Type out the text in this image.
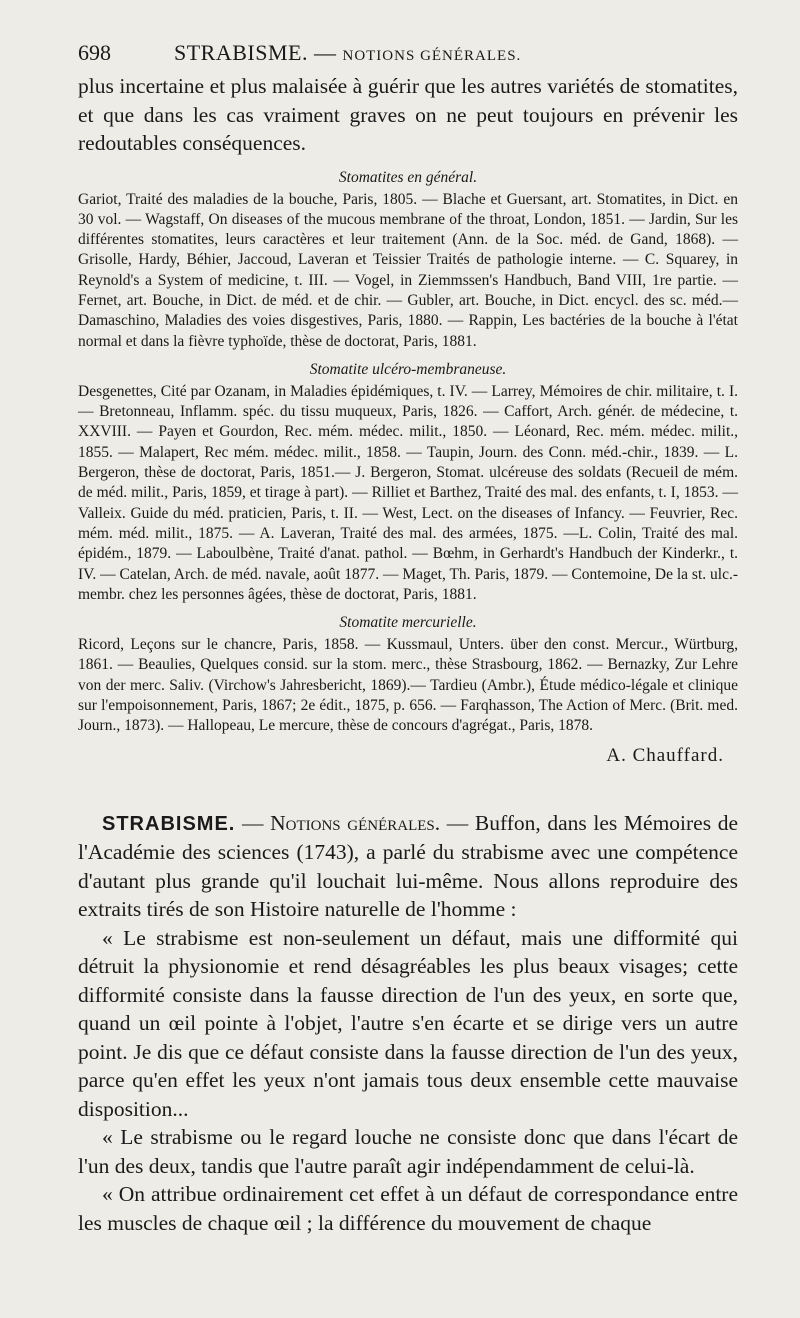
698	STRABISME. — NOTIONS GÉNÉRALES.

plus incertaine et plus malaisée à guérir que les autres variétés de stomatites, et que dans les cas vraiment graves on ne peut toujours en prévenir les redoutables conséquences.

Stomatites en général.

Gariot, Traité des maladies de la bouche, Paris, 1805. — Blache et Guersant, art. Stomatites, in Dict. en 30 vol. — Wagstaff, On diseases of the mucous membrane of the throat, London, 1851. — Jardin, Sur les différentes stomatites, leurs caractères et leur traitement (Ann. de la Soc. méd. de Gand, 1868). — Grisolle, Hardy, Béhier, Jaccoud, Laveran et Teissier Traités de pathologie interne. — C. Squarey, in Reynold's a System of medicine, t. III. — Vogel, in Ziemmssen's Handbuch, Band VIII, 1re partie. — Fernet, art. Bouche, in Dict. de méd. et de chir. — Gubler, art. Bouche, in Dict. encycl. des sc. méd.— Damaschino, Maladies des voies disgestives, Paris, 1880. — Rappin, Les bactéries de la bouche à l'état normal et dans la fièvre typhoïde, thèse de doctorat, Paris, 1881.

Stomatite ulcéro-membraneuse.

Desgenettes, Cité par Ozanam, in Maladies épidémiques, t. IV. — Larrey, Mémoires de chir. militaire, t. I. — Bretonneau, Inflamm. spéc. du tissu muqueux, Paris, 1826. — Caffort, Arch. génér. de médecine, t. XXVIII. — Payen et Gourdon, Rec. mém. médec. milit., 1850. — Léonard, Rec. mém. médec. milit., 1855. — Malapert, Rec mém. médec. milit., 1858. — Taupin, Journ. des Conn. méd.-chir., 1839. — L. Bergeron, thèse de doctorat, Paris, 1851.— J. Bergeron, Stomat. ulcéreuse des soldats (Recueil de mém. de méd. milit., Paris, 1859, et tirage à part). — Rilliet et Barthez, Traité des mal. des enfants, t. I, 1853. — Valleix. Guide du méd. praticien, Paris, t. II. — West, Lect. on the diseases of Infancy. — Feuvrier, Rec. mém. méd. milit., 1875. — A. Laveran, Traité des mal. des armées, 1875. —L. Colin, Traité des mal. épidém., 1879. — Laboulbène, Traité d'anat. pathol. — Bœhm, in Gerhardt's Handbuch der Kinderkr., t. IV. — Catelan, Arch. de méd. navale, août 1877. — Maget, Th. Paris, 1879. — Contemoine, De la st. ulc.-membr. chez les personnes âgées, thèse de doctorat, Paris, 1881.

Stomatite mercurielle.

Ricord, Leçons sur le chancre, Paris, 1858. — Kussmaul, Unters. über den const. Mercur., Würtburg, 1861. — Beaulies, Quelques consid. sur la stom. merc., thèse Strasbourg, 1862. — Bernazky, Zur Lehre von der merc. Saliv. (Virchow's Jahresbericht, 1869).— Tardieu (Ambr.), Étude médico-légale et clinique sur l'empoisonnement, Paris, 1867; 2e édit., 1875, p. 656. — Farqhasson, The Action of Merc. (Brit. med. Journ., 1873). — Hallopeau, Le mercure, thèse de concours d'agrégat., Paris, 1878.

A. Chauffard.

STRABISME. — Notions générales. — Buffon, dans les Mémoires de l'Académie des sciences (1743), a parlé du strabisme avec une compétence d'autant plus grande qu'il louchait lui-même. Nous allons reproduire des extraits tirés de son Histoire naturelle de l'homme :

« Le strabisme est non-seulement un défaut, mais une difformité qui détruit la physionomie et rend désagréables les plus beaux visages; cette difformité consiste dans la fausse direction de l'un des yeux, en sorte que, quand un œil pointe à l'objet, l'autre s'en écarte et se dirige vers un autre point. Je dis que ce défaut consiste dans la fausse direction de l'un des yeux, parce qu'en effet les yeux n'ont jamais tous deux ensemble cette mauvaise disposition...

« Le strabisme ou le regard louche ne consiste donc que dans l'écart de l'un des deux, tandis que l'autre paraît agir indépendamment de celui-là.

« On attribue ordinairement cet effet à un défaut de correspondance entre les muscles de chaque œil ; la différence du mouvement de chaque
